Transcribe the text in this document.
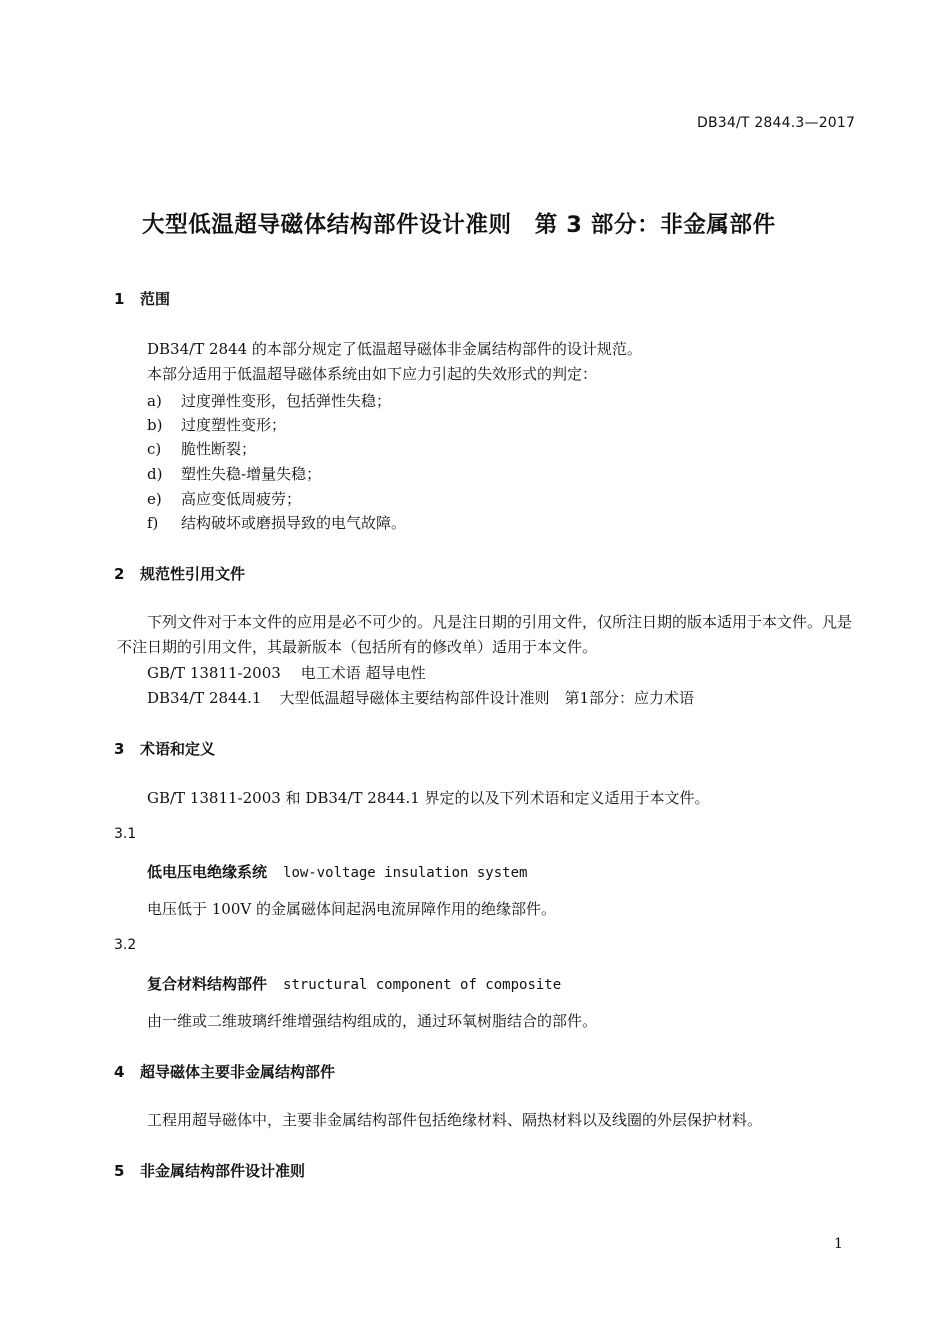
DB34/T 2844.3—2017
大型低温超导磁体结构部件设计准则　第 3 部分：非金属部件
1 范围
DB34/T 2844 的本部分规定了低温超导磁体非金属结构部件的设计规范。
本部分适用于低温超导磁体系统由如下应力引起的失效形式的判定：
a) 过度弹性变形，包括弹性失稳；
b) 过度塑性变形；
c) 脆性断裂；
d) 塑性失稳-增量失稳；
e) 高应变低周疲劳；
f) 结构破坏或磨损导致的电气故障。
2 规范性引用文件
下列文件对于本文件的应用是必不可少的。凡是注日期的引用文件，仅所注日期的版本适用于本文件。凡是不注日期的引用文件，其最新版本（包括所有的修改单）适用于本文件。
GB/T 13811-2003 电工术语 超导电性
DB34/T 2844.1 大型低温超导磁体主要结构部件设计准则　第1部分：应力术语
3 术语和定义
GB/T 13811-2003 和 DB34/T 2844.1 界定的以及下列术语和定义适用于本文件。
3.1
低电压电绝缘系统 low-voltage insulation system
电压低于 100V 的金属磁体间起涡电流屏障作用的绝缘部件。
3.2
复合材料结构部件 structural component of composite
由一维或二维玻璃纤维增强结构组成的，通过环氧树脂结合的部件。
4 超导磁体主要非金属结构部件
工程用超导磁体中，主要非金属结构部件包括绝缘材料、隔热材料以及线圈的外层保护材料。
5 非金属结构部件设计准则
1
